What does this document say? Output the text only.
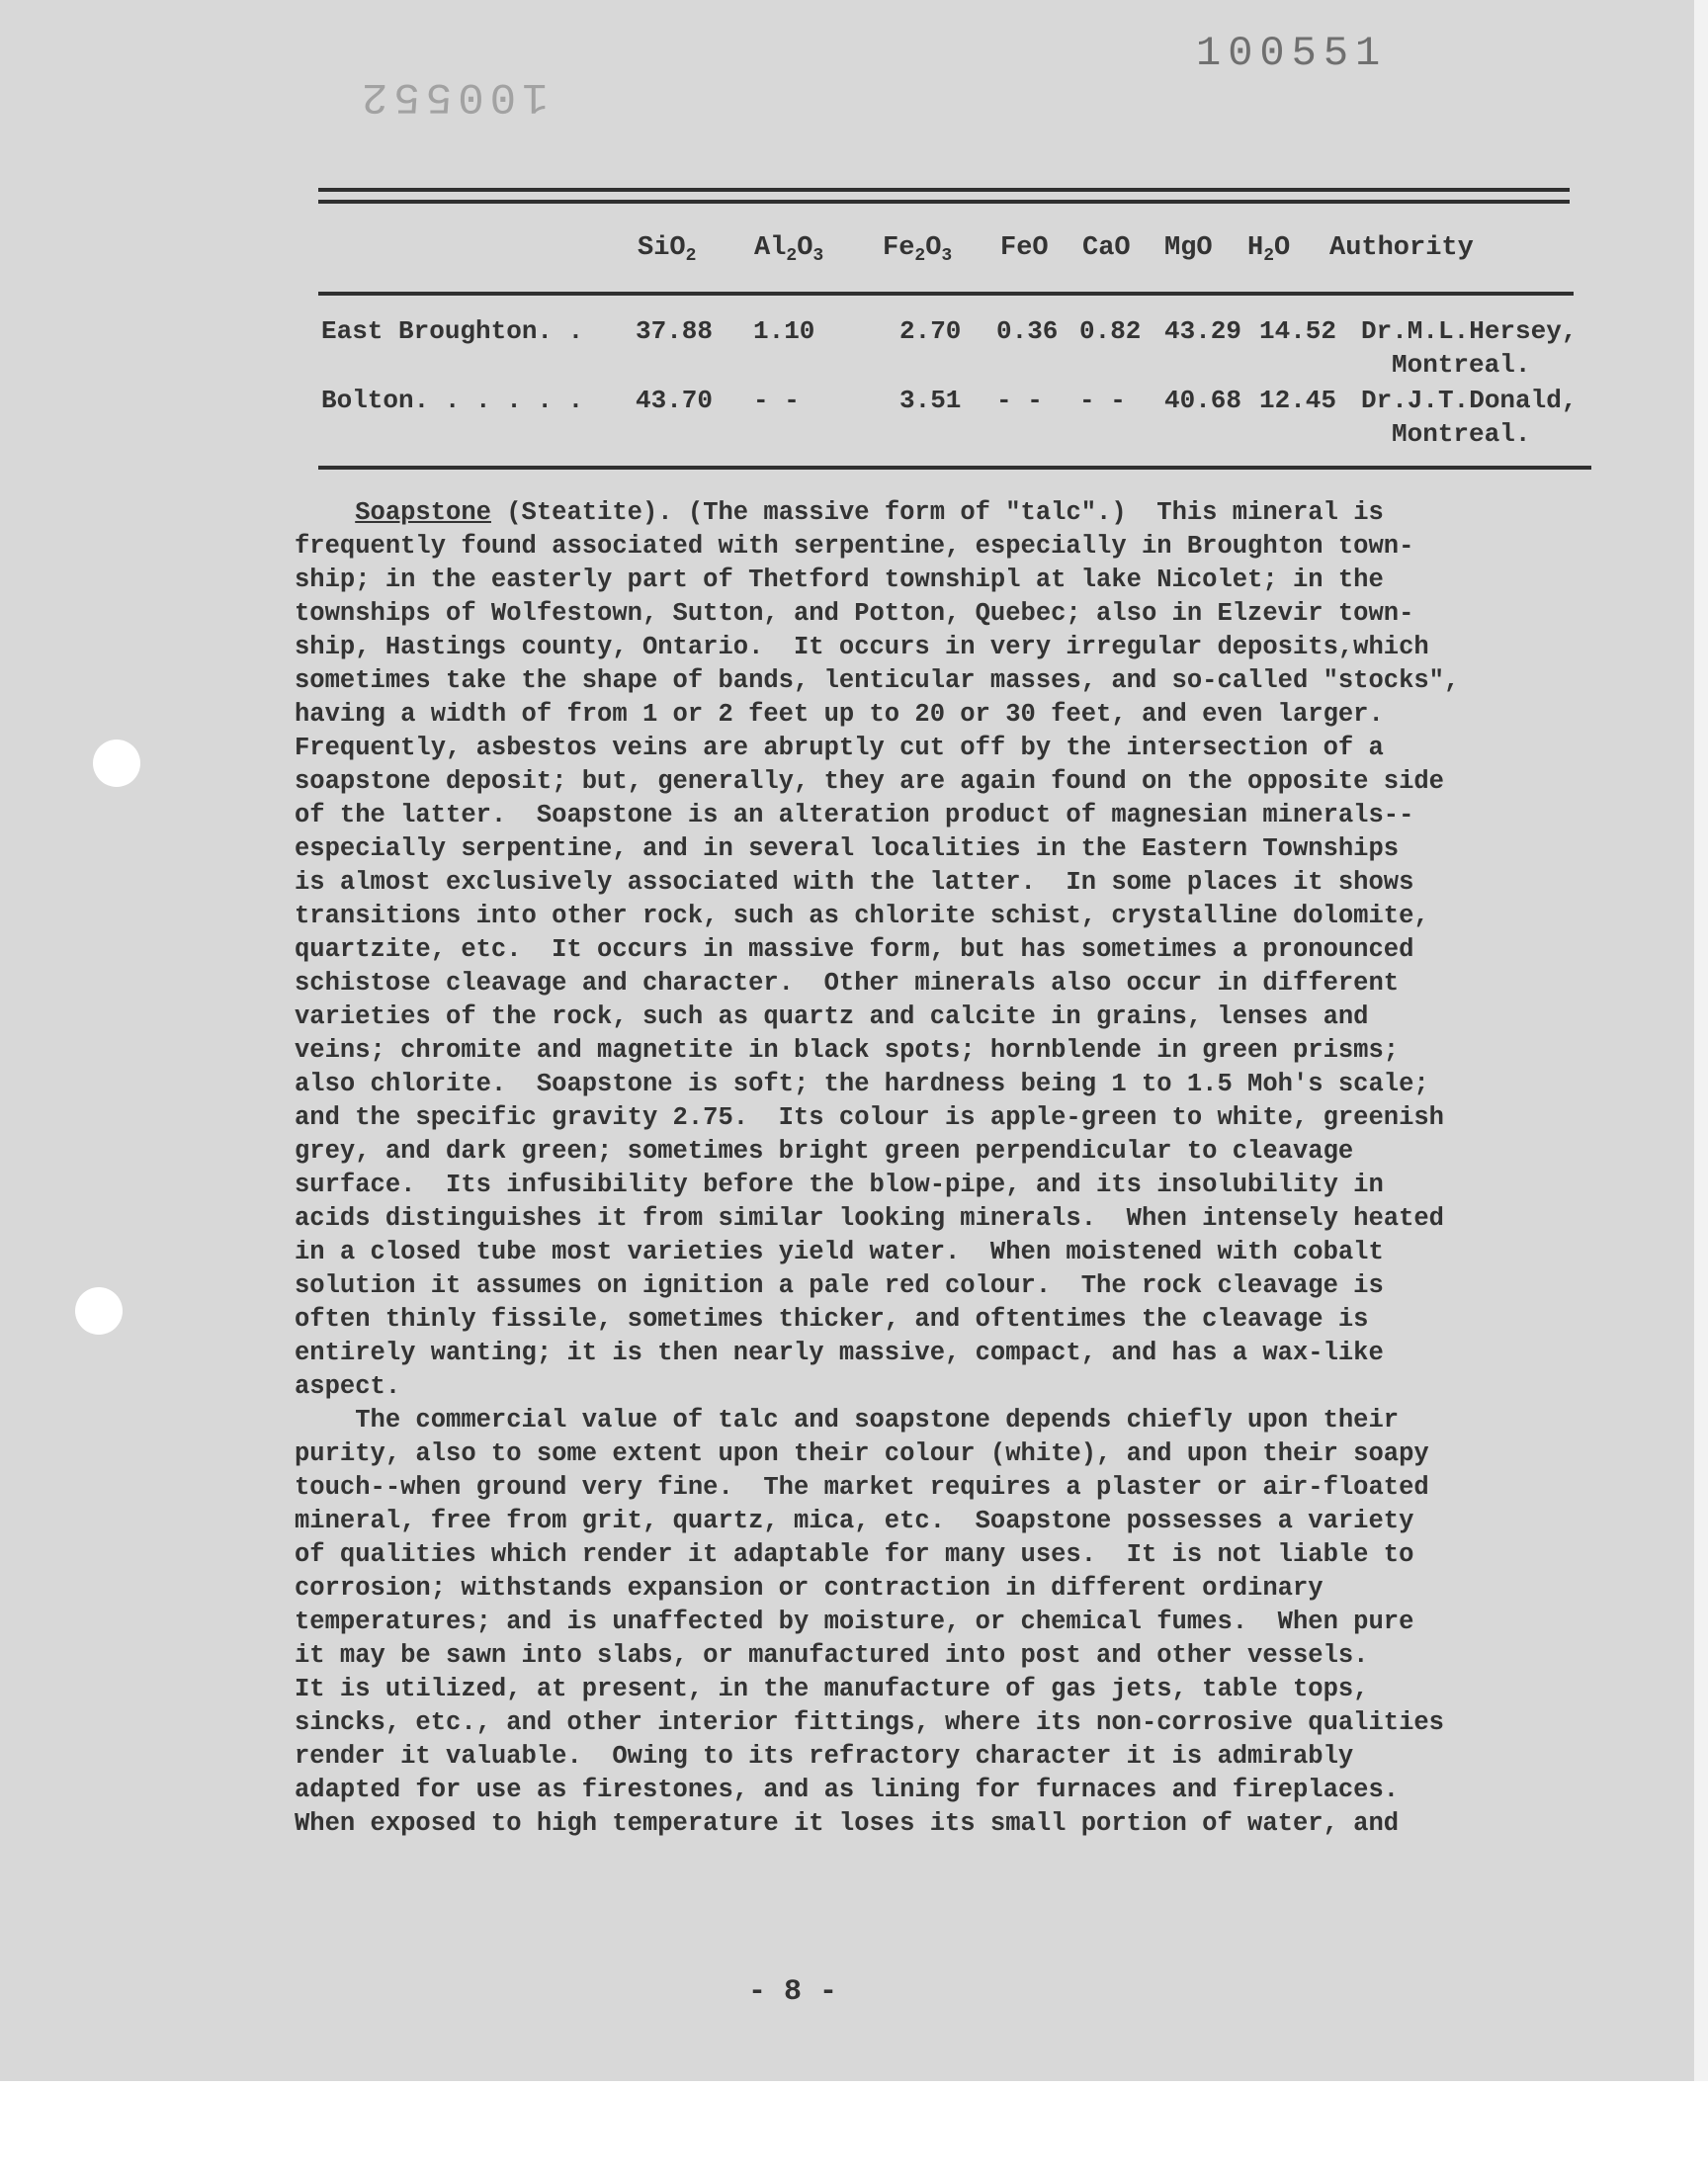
100551
100552
SiO$_2$ $Al_2O_3$ $Fe_2O_3$ FeO CaO MgO $H_2O$ Authority
East Broughton. . 37.88 1.10	2.70 0.36 0.82 43.29 14.52 Dr.M.L.Hersey,
Montreal.
Bolton. . . . . . 43.70 - -	3.51 - - - - 40.68 12.45 Dr.J.T.Donald,
Montreal.
Soapstone (Steatite). (The massive form of "talc".)  This mineral is
frequently found associated with serpentine, especially in Broughton town-
ship; in the easterly part of Thetford townshipl at lake Nicolet; in the
townships of Wolfestown, Sutton, and Potton, Quebec; also in Elzevir town-
ship, Hastings county, Ontario.  It occurs in very irregular deposits,which
sometimes take the shape of bands, lenticular masses, and so-called "stocks",
having a width of from 1 or 2 feet up to 20 or 30 feet, and even larger.
Frequently, asbestos veins are abruptly cut off by the intersection of a
soapstone deposit; but, generally, they are again found on the opposite side
of the latter.  Soapstone is an alteration product of magnesian minerals--
especially serpentine, and in several localities in the Eastern Townships
is almost exclusively associated with the latter.  In some places it shows
transitions into other rock, such as chlorite schist, crystalline dolomite,
quartzite, etc.  It occurs in massive form, but has sometimes a pronounced
schistose cleavage and character.  Other minerals also occur in different
varieties of the rock, such as quartz and calcite in grains, lenses and
veins; chromite and magnetite in black spots; hornblende in green prisms;
also chlorite.  Soapstone is soft; the hardness being 1 to 1.5 Moh's scale;
and the specific gravity 2.75.  Its colour is apple-green to white, greenish
grey, and dark green; sometimes bright green perpendicular to cleavage
surface.  Its infusibility before the blow-pipe, and its insolubility in
acids distinguishes it from similar looking minerals.  When intensely heated
in a closed tube most varieties yield water.  When moistened with cobalt
solution it assumes on ignition a pale red colour.  The rock cleavage is
often thinly fissile, sometimes thicker, and oftentimes the cleavage is
entirely wanting; it is then nearly massive, compact, and has a wax-like
aspect.
The commercial value of talc and soapstone depends chiefly upon their
purity, also to some extent upon their colour (white), and upon their soapy
touch--when ground very fine.  The market requires a plaster or air-floated
mineral, free from grit, quartz, mica, etc.  Soapstone possesses a variety
of qualities which render it adaptable for many uses.  It is not liable to
corrosion; withstands expansion or contraction in different ordinary
temperatures; and is unaffected by moisture, or chemical fumes.  When pure
it may be sawn into slabs, or manufactured into post and other vessels.
It is utilized, at present, in the manufacture of gas jets, table tops,
sincks, etc., and other interior fittings, where its non-corrosive qualities
render it valuable.  Owing to its refractory character it is admirably
adapted for use as firestones, and as lining for furnaces and fireplaces.
When exposed to high temperature it loses its small portion of water, and
- 8 -
